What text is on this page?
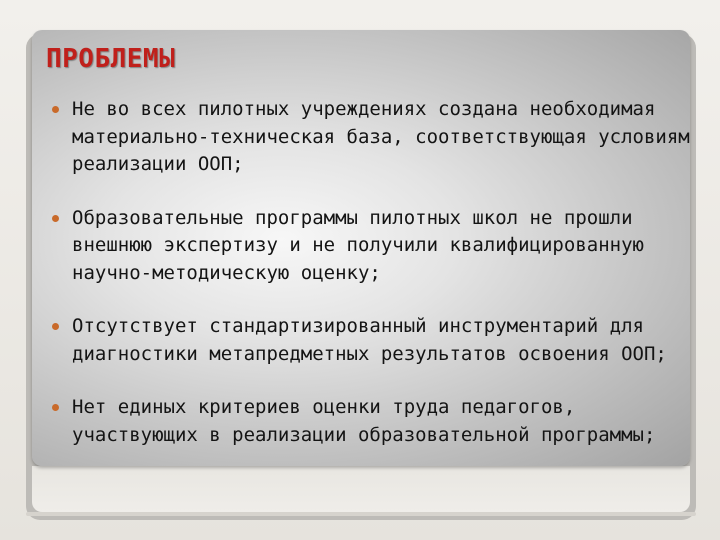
ПРОБЛЕМЫ
Не во всех пилотных учреждениях создана необходимая материально-техническая база, соответствующая условиям реализации ООП;
Образовательные программы пилотных школ не прошли внешнюю экспертизу и не получили квалифицированную научно-методическую оценку;
Отсутствует стандартизированный инструментарий для диагностики метапредметных результатов освоения ООП;
Нет единых критериев оценки труда педагогов, участвующих в реализации образовательной программы;
